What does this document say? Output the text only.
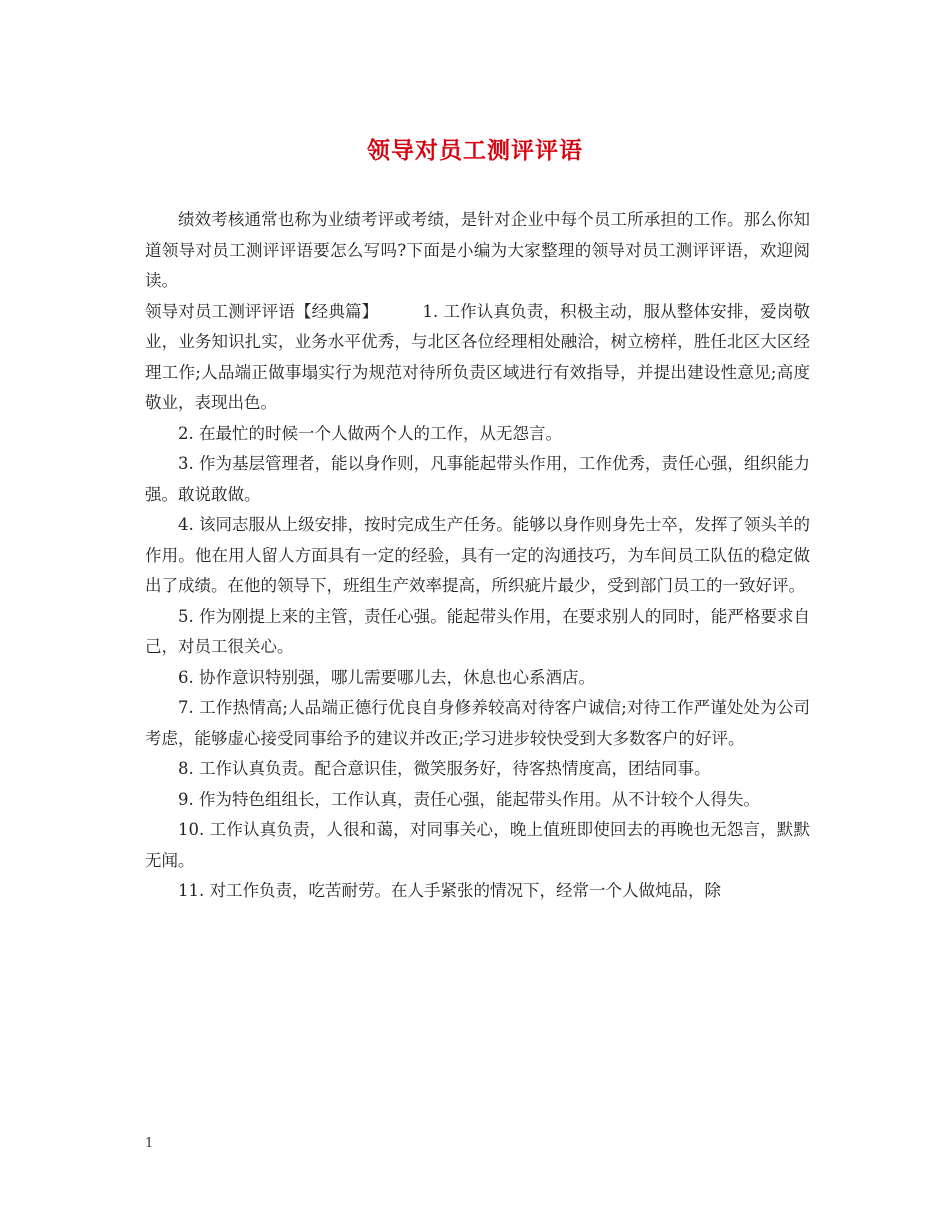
领导对员工测评评语

绩效考核通常也称为业绩考评或考绩，是针对企业中每个员工所承担的工作。那么你知道领导对员工测评评语要怎么写吗?下面是小编为大家整理的领导对员工测评评语，欢迎阅读。

领导对员工测评评语【经典篇】	1. 工作认真负责，积极主动，服从整体安排，爱岗敬业，业务知识扎实，业务水平优秀，与北区各位经理相处融洽，树立榜样，胜任北区大区经理工作;人品端正做事塌实行为规范对待所负责区域进行有效指导，并提出建设性意见;高度敬业，表现出色。

2. 在最忙的时候一个人做两个人的工作，从无怨言。

3. 作为基层管理者，能以身作则，凡事能起带头作用，工作优秀，责任心强，组织能力强。敢说敢做。

4. 该同志服从上级安排，按时完成生产任务。能够以身作则身先士卒，发挥了领头羊的作用。他在用人留人方面具有一定的经验，具有一定的沟通技巧，为车间员工队伍的稳定做出了成绩。在他的领导下，班组生产效率提高，所织疵片最少，受到部门员工的一致好评。

5. 作为刚提上来的主管，责任心强。能起带头作用，在要求别人的同时，能严格要求自己，对员工很关心。

6. 协作意识特别强，哪儿需要哪儿去，休息也心系酒店。

7. 工作热情高;人品端正德行优良自身修养较高对待客户诚信;对待工作严谨处处为公司考虑，能够虚心接受同事给予的建议并改正;学习进步较快受到大多数客户的好评。

8. 工作认真负责。配合意识佳，微笑服务好，待客热情度高，团结同事。

9. 作为特色组组长，工作认真，责任心强，能起带头作用。从不计较个人得失。

10. 工作认真负责，人很和蔼，对同事关心，晚上值班即使回去的再晚也无怨言，默默无闻。

11. 对工作负责，吃苦耐劳。在人手紧张的情况下，经常一个人做炖品，除

1
